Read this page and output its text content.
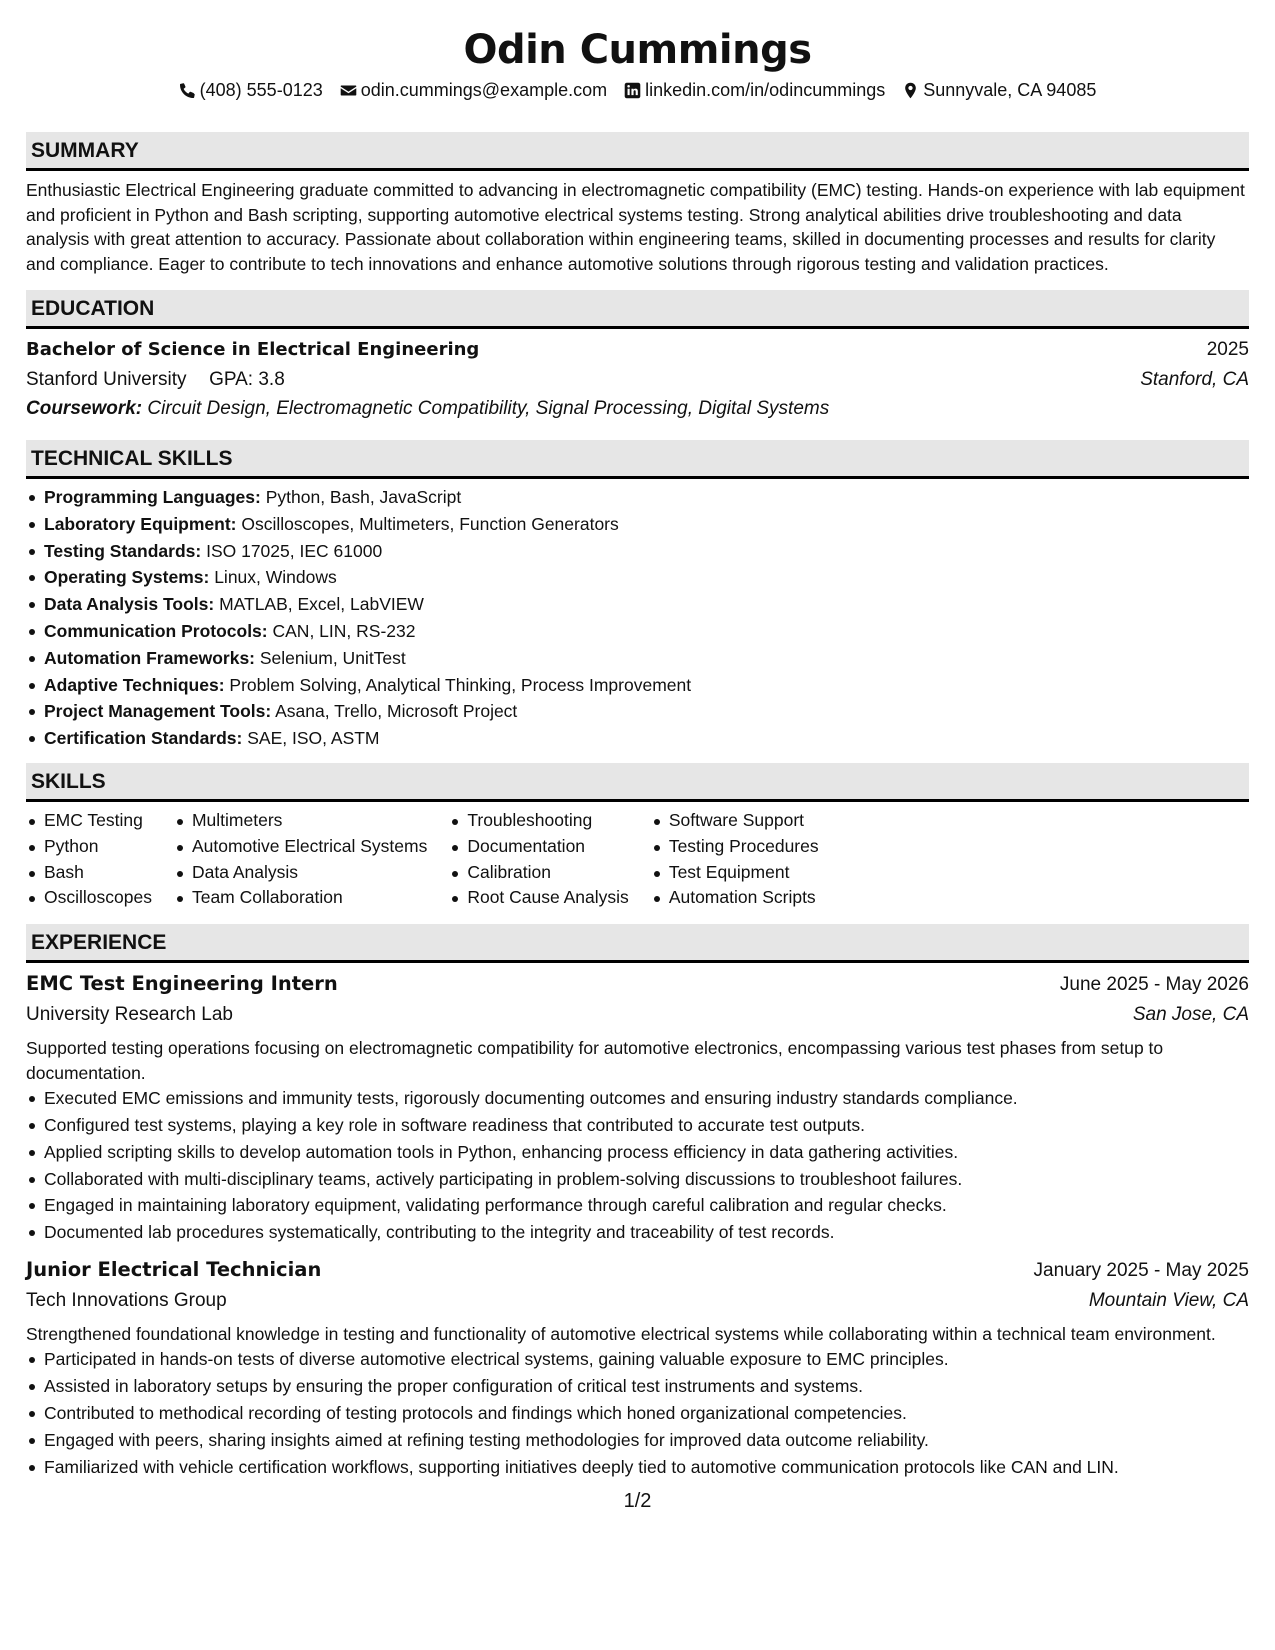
Odin Cummings
(408) 555-0123 odin.cummings@example.com linkedin.com/in/odincummings Sunnyvale, CA 94085
SUMMARY

Enthusiastic Electrical Engineering graduate committed to advancing in electromagnetic compatibility (EMC) testing. Hands-on experience with lab equipment and proficient in Python and Bash scripting, supporting automotive electrical systems testing. Strong analytical abilities drive troubleshooting and data analysis with great attention to accuracy. Passionate about collaboration within engineering teams, skilled in documenting processes and results for clarity and compliance. Eager to contribute to tech innovations and enhance automotive solutions through rigorous testing and validation practices.

EDUCATION
Bachelor of Science in Electrical Engineering	2025
Stanford University GPA: 3.8	Stanford, CA
Coursework: Circuit Design, Electromagnetic Compatibility, Signal Processing, Digital Systems
TECHNICAL SKILLS
Programming Languages: Python, Bash, JavaScript
Laboratory Equipment: Oscilloscopes, Multimeters, Function Generators
Testing Standards: ISO 17025, IEC 61000
Operating Systems: Linux, Windows
Data Analysis Tools: MATLAB, Excel, LabVIEW
Communication Protocols: CAN, LIN, RS-232
Automation Frameworks: Selenium, UnitTest
Adaptive Techniques: Problem Solving, Analytical Thinking, Process Improvement
Project Management Tools: Asana, Trello, Microsoft Project
Certification Standards: SAE, ISO, ASTM
SKILLS
EMC Testing
Python
Bash
Oscilloscopes
Multimeters
Automotive Electrical Systems
Data Analysis
Team Collaboration
Troubleshooting
Documentation
Calibration
Root Cause Analysis
Software Support
Testing Procedures
Test Equipment
Automation Scripts
EXPERIENCE
EMC Test Engineering Intern	June 2025 - May 2026
University Research Lab	San Jose, CA

Supported testing operations focusing on electromagnetic compatibility for automotive electronics, encompassing various test phases from setup to documentation.

Executed EMC emissions and immunity tests, rigorously documenting outcomes and ensuring industry standards compliance.
Configured test systems, playing a key role in software readiness that contributed to accurate test outputs.
Applied scripting skills to develop automation tools in Python, enhancing process efficiency in data gathering activities.
Collaborated with multi-disciplinary teams, actively participating in problem-solving discussions to troubleshoot failures.
Engaged in maintaining laboratory equipment, validating performance through careful calibration and regular checks.
Documented lab procedures systematically, contributing to the integrity and traceability of test records.
Junior Electrical Technician	January 2025 - May 2025
Tech Innovations Group	Mountain View, CA

Strengthened foundational knowledge in testing and functionality of automotive electrical systems while collaborating within a technical team environment.

Participated in hands-on tests of diverse automotive electrical systems, gaining valuable exposure to EMC principles.
Assisted in laboratory setups by ensuring the proper configuration of critical test instruments and systems.
Contributed to methodical recording of testing protocols and findings which honed organizational competencies.
Engaged with peers, sharing insights aimed at refining testing methodologies for improved data outcome reliability.
Familiarized with vehicle certification workflows, supporting initiatives deeply tied to automotive communication protocols like CAN and LIN.
1/2
